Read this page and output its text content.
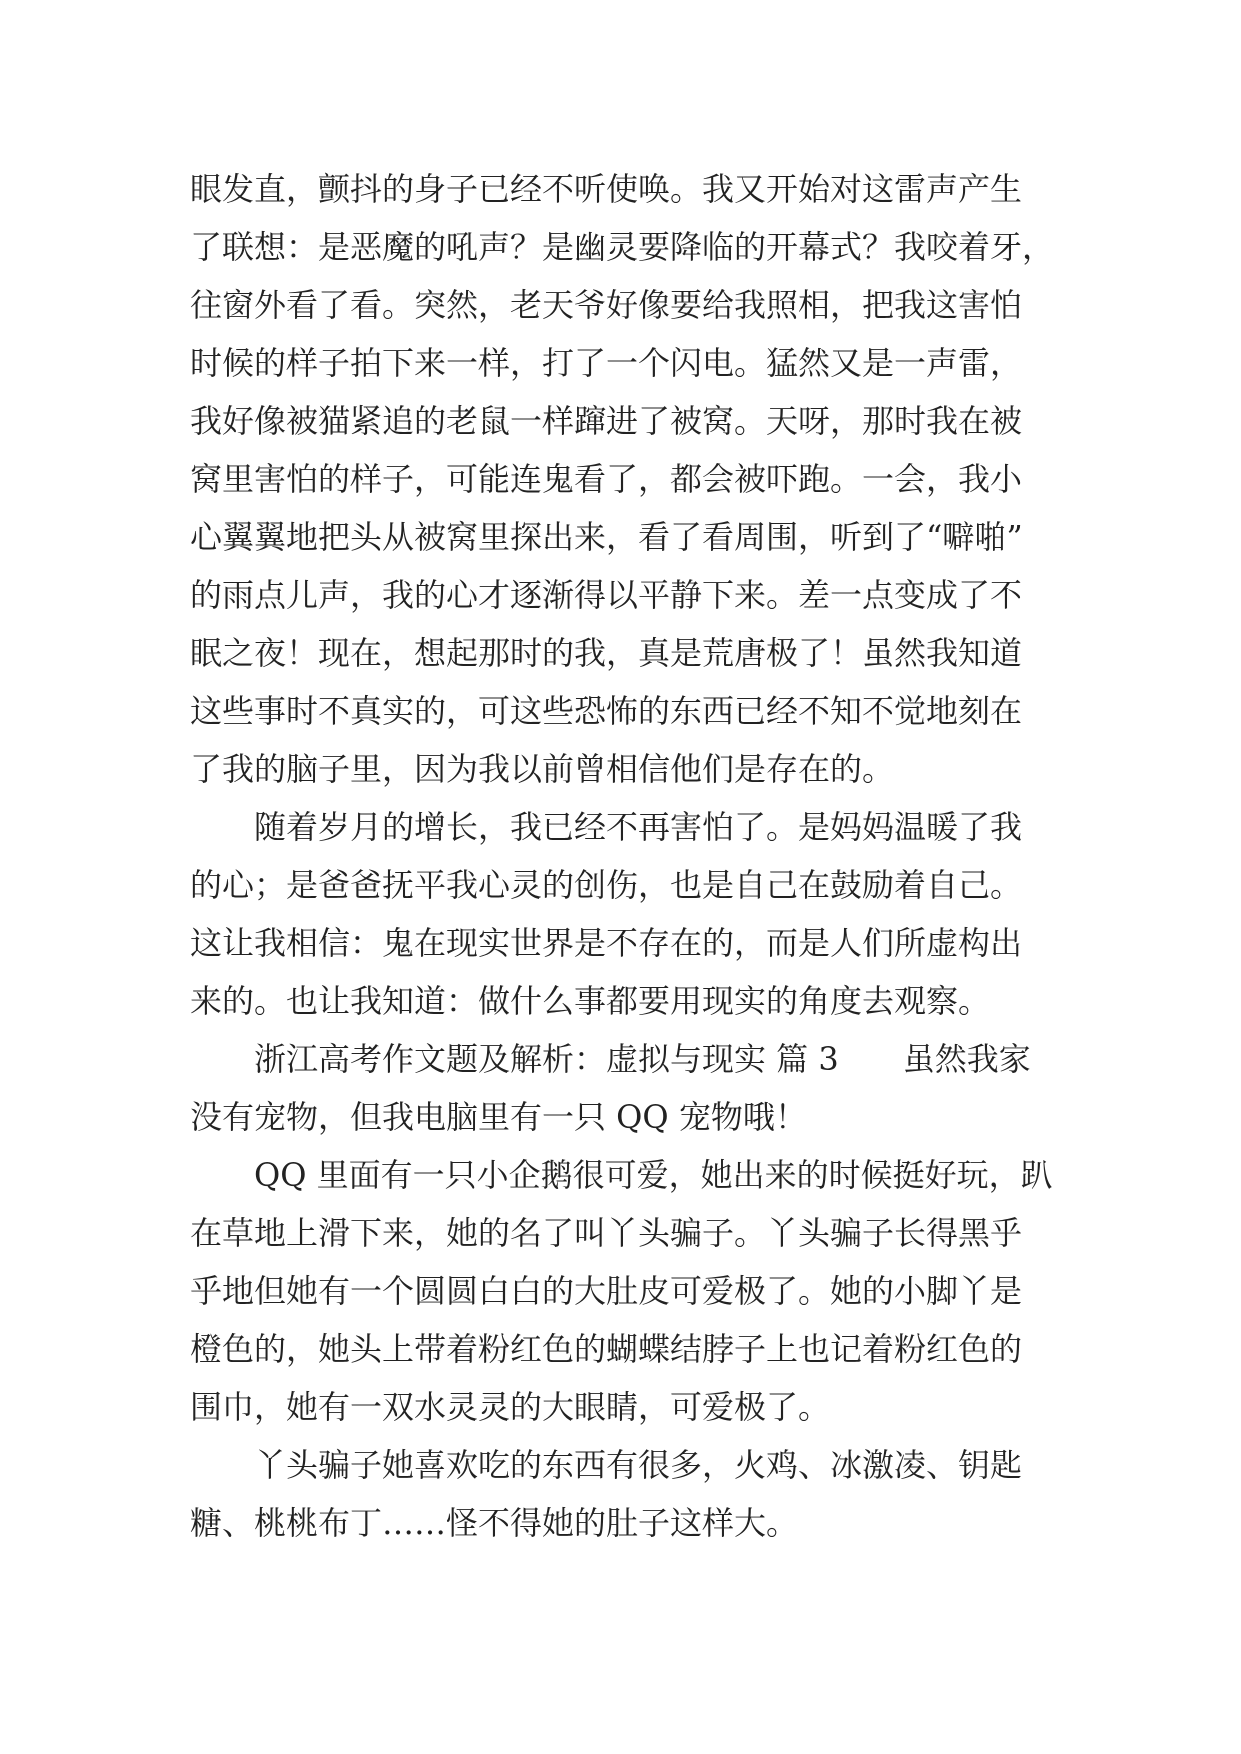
眼发直，颤抖的身子已经不听使唤。我又开始对这雷声产生
了联想：是恶魔的吼声？是幽灵要降临的开幕式？我咬着牙，
往窗外看了看。突然，老天爷好像要给我照相，把我这害怕
时候的样子拍下来一样，打了一个闪电。猛然又是一声雷，
我好像被猫紧追的老鼠一样蹿进了被窝。天呀，那时我在被
窝里害怕的样子，可能连鬼看了，都会被吓跑。一会，我小
心翼翼地把头从被窝里探出来，看了看周围，听到了“噼啪”
的雨点儿声，我的心才逐渐得以平静下来。差一点变成了不
眠之夜！现在，想起那时的我，真是荒唐极了！虽然我知道
这些事时不真实的，可这些恐怖的东西已经不知不觉地刻在
了我的脑子里，因为我以前曾相信他们是存在的。
随着岁月的增长，我已经不再害怕了。是妈妈温暖了我
的心；是爸爸抚平我心灵的创伤，也是自己在鼓励着自己。
这让我相信：鬼在现实世界是不存在的，而是人们所虚构出
来的。也让我知道：做什么事都要用现实的角度去观察。
浙江高考作文题及解析：虚拟与现实 篇 3　　虽然我家
没有宠物，但我电脑里有一只 QQ 宠物哦！
QQ 里面有一只小企鹅很可爱，她出来的时候挺好玩，趴
在草地上滑下来，她的名了叫丫头骗子。丫头骗子长得黑乎
乎地但她有一个圆圆白白的大肚皮可爱极了。她的小脚丫是
橙色的，她头上带着粉红色的蝴蝶结脖子上也记着粉红色的
围巾，她有一双水灵灵的大眼睛，可爱极了。
丫头骗子她喜欢吃的东西有很多，火鸡、冰激凌、钥匙
糖、桃桃布丁……怪不得她的肚子这样大。
